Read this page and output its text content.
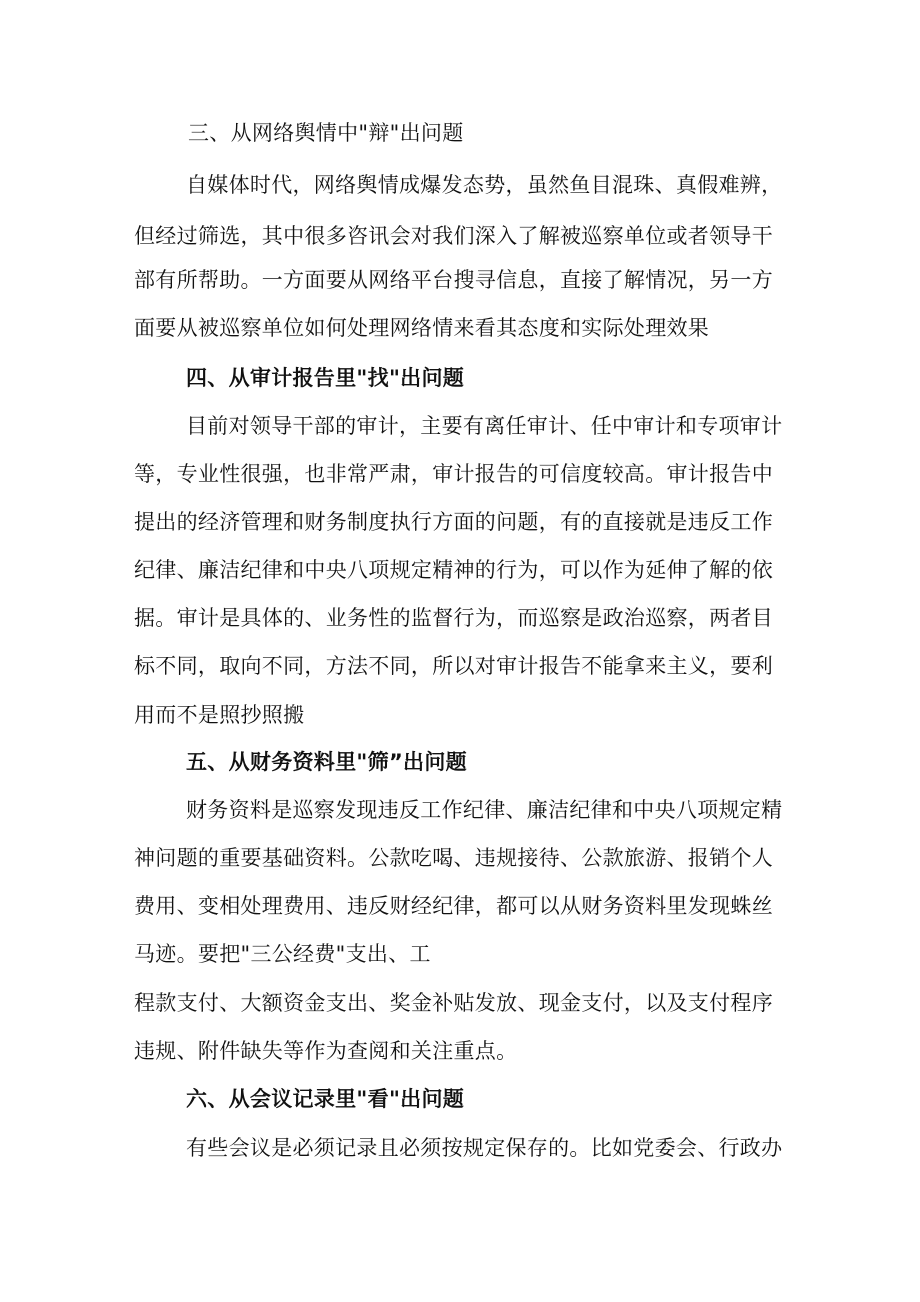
三、从网络舆情中"辩"出问题
自媒体时代，网络舆情成爆发态势，虽然鱼目混珠、真假难辨，
但经过筛选，其中很多咨讯会对我们深入了解被巡察单位或者领导干
部有所帮助。一方面要从网络平台搜寻信息，直接了解情况，另一方
面要从被巡察单位如何处理网络情来看其态度和实际处理效果
四、从审计报告里"找"出问题
目前对领导干部的审计，主要有离任审计、任中审计和专项审计
等，专业性很强，也非常严肃，审计报告的可信度较高。审计报告中
提出的经济管理和财务制度执行方面的问题，有的直接就是违反工作
纪律、廉洁纪律和中央八项规定精神的行为，可以作为延伸了解的依
据。审计是具体的、业务性的监督行为，而巡察是政治巡察，两者目
标不同，取向不同，方法不同，所以对审计报告不能拿来主义，要利
用而不是照抄照搬
五、从财务资料里"筛”出问题
财务资料是巡察发现违反工作纪律、廉洁纪律和中央八项规定精
神问题的重要基础资料。公款吃喝、违规接待、公款旅游、报销个人
费用、变相处理费用、违反财经纪律，都可以从财务资料里发现蛛丝
马迹。要把"三公经费"支出、工
程款支付、大额资金支出、奖金补贴发放、现金支付，以及支付程序
违规、附件缺失等作为查阅和关注重点。
六、从会议记录里"看"出问题
有些会议是必须记录且必须按规定保存的。比如党委会、行政办
